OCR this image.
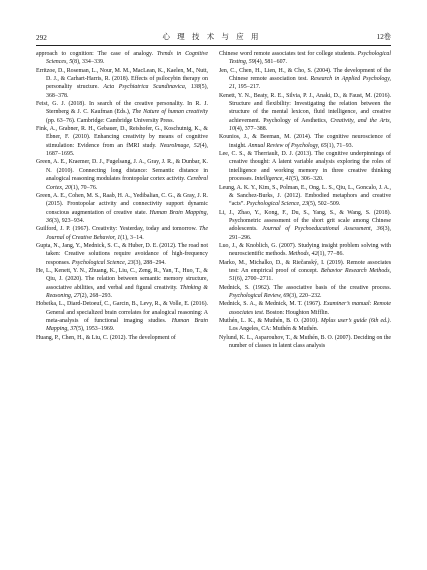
292	心 理 技 术 与 应 用	12卷

approach to cognition: The case of analogy. Trends in Cognitive Sciences, 5(8), 334−339.

Erritzoe, D., Roseman, L., Nour, M. M., MacLean, K., Kaelen, M., Nutt, D. J., & Carhart-Harris, R. (2018). Effects of psilocybin therapy on personality structure. Acta Psychiatrica Scandinavica, 138(5), 368−378.

Feist, G. J. (2018). In search of the creative personality. In R. J. Sternberg & J. C. Kaufman (Eds.), The Nature of human creativity (pp. 63−76). Cambridge: Cambridge University Press.

Fink, A., Grabner, R. H., Gebauer, D., Reishofer, G., Koschutnig, K., & Ebner, F. (2010). Enhancing creativity by means of cognitive stimulation: Evidence from an fMRI study. NeuroImage, 52(4), 1687−1695.

Green, A. E., Kraemer, D. J., Fugelsang, J. A., Gray, J. R., & Dunbar, K. N. (2010). Connecting long distance: Semantic distance in analogical reasoning modulates frontopolar cortex activity. Cerebral Cortex, 20(1), 70−76.

Green, A. E., Cohen, M. S., Raab, H. A., Yedibalian, C. G., & Gray, J. R. (2015). Frontopolar activity and connectivity support dynamic conscious augmentation of creative state. Human Brain Mapping, 36(3), 923−934.

Guilford, J. P. (1967). Creativity: Yesterday, today and tomorrow. The Journal of Creative Behavior, 1(1), 3−14.

Gupta, N., Jang, Y., Mednick, S. C., & Huber, D. E. (2012). The road not taken: Creative solutions require avoidance of high-frequency responses. Psychological Science, 23(3), 288−294.

He, L., Kenett, Y. N., Zhuang, K., Liu, C., Zeng, R., Yan, T., Huo, T., & Qiu, J. (2020). The relation between semantic memory structure, associative abilities, and verbal and figural creativity. Thinking & Reasoning, 27(2), 268−293.

Hobeika, L., Diard-Detoeuf, C., Garcin, B., Levy, R., & Volle, E. (2016). General and specialized brain correlates for analogical reasoning: A meta-analysis of functional imaging studies. Human Brain Mapping, 37(5), 1953−1969.

Huang, P., Chen, H., & Liu, C. (2012). The development of

Chinese word remote associates test for college students. Psychological Testing, 59(4), 581−607.

Jen, C., Chen, H., Lien, H., & Cho, S. (2004). The development of the Chinese remote association test. Research in Applied Psychology, 21, 195−217.

Kenett, Y. N., Beaty, R. E., Silvia, P. J., Anaki, D., & Faust, M. (2016). Structure and flexibility: Investigating the relation between the structure of the mental lexicon, fluid intelligence, and creative achievement. Psychology of Aesthetics, Creativity, and the Arts, 10(4), 377−388.

Kounios, J., & Beeman, M. (2014). The cognitive neuroscience of insight. Annual Review of Psychology, 65(1), 71−93.

Lee, C. S., & Therriault, D. J. (2013). The cognitive underpinnings of creative thought: A latent variable analysis exploring the roles of intelligence and working memory in three creative thinking processes. Intelligence, 41(5), 306−320.

Leung, A. K. Y., Kim, S., Polman, E., Ong, L. S., Qiu, L., Goncalo, J. A., & Sanchez-Burks, J. (2012). Embodied metaphors and creative “acts”. Psychological Science, 23(5), 502−509.

Li, J., Zhao, Y., Kong, F., Du, S., Yang, S., & Wang, S. (2018). Psychometric assessment of the short grit scale among Chinese adolescents. Journal of Psychoeducational Assessment, 36(3), 291−296.

Luo, J., & Knoblich, G. (2007). Studying insight problem solving with neuroscientific methods. Methods, 42(1), 77−86.

Marko, M., Michalko, D., & Riečanský, I. (2019). Remote associates test: An empirical proof of concept. Behavior Research Methods, 51(6), 2700−2711.

Mednick, S. (1962). The associative basis of the creative process. Psychological Review, 69(3), 220−232.

Mednick, S. A., & Mednick, M. T. (1967). Examiner’s manual: Remote associates test. Boston: Houghton Mifflin.

Muthén, L. K., & Muthén, B. O. (2010). Mplus user’s guide (6th ed.). Los Angeles, CA: Muthén & Muthén.

Nylund, K. L., Asparouhov, T., & Muthén, B. O. (2007). Deciding on the number of classes in latent class analysis
